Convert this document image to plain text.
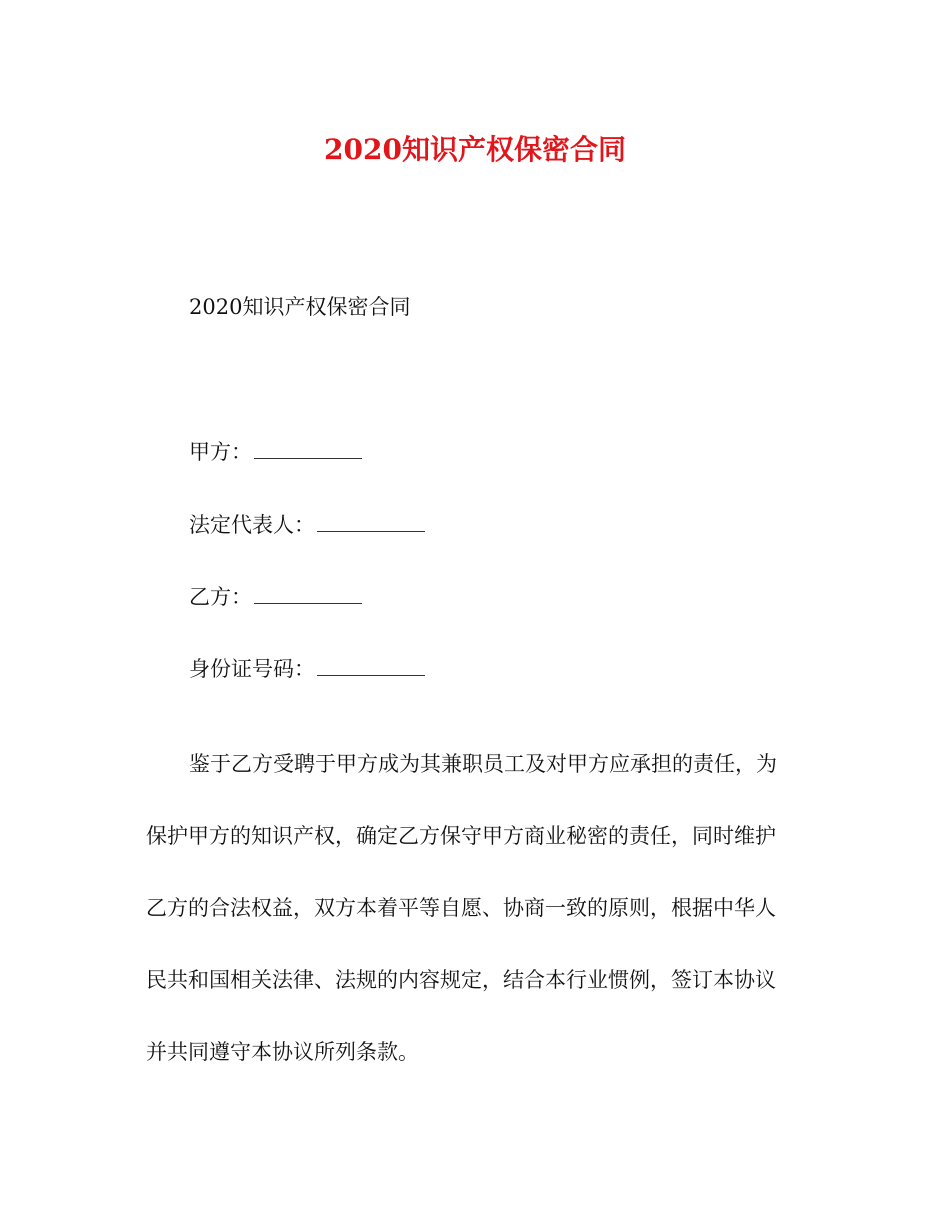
2020知识产权保密合同
2020知识产权保密合同
甲方：
法定代表人：
乙方：
身份证号码：
鉴于乙方受聘于甲方成为其兼职员工及对甲方应承担的责任，为
保护甲方的知识产权，确定乙方保守甲方商业秘密的责任，同时维护
乙方的合法权益，双方本着平等自愿、协商一致的原则，根据中华人
民共和国相关法律、法规的内容规定，结合本行业惯例，签订本协议
并共同遵守本协议所列条款。
